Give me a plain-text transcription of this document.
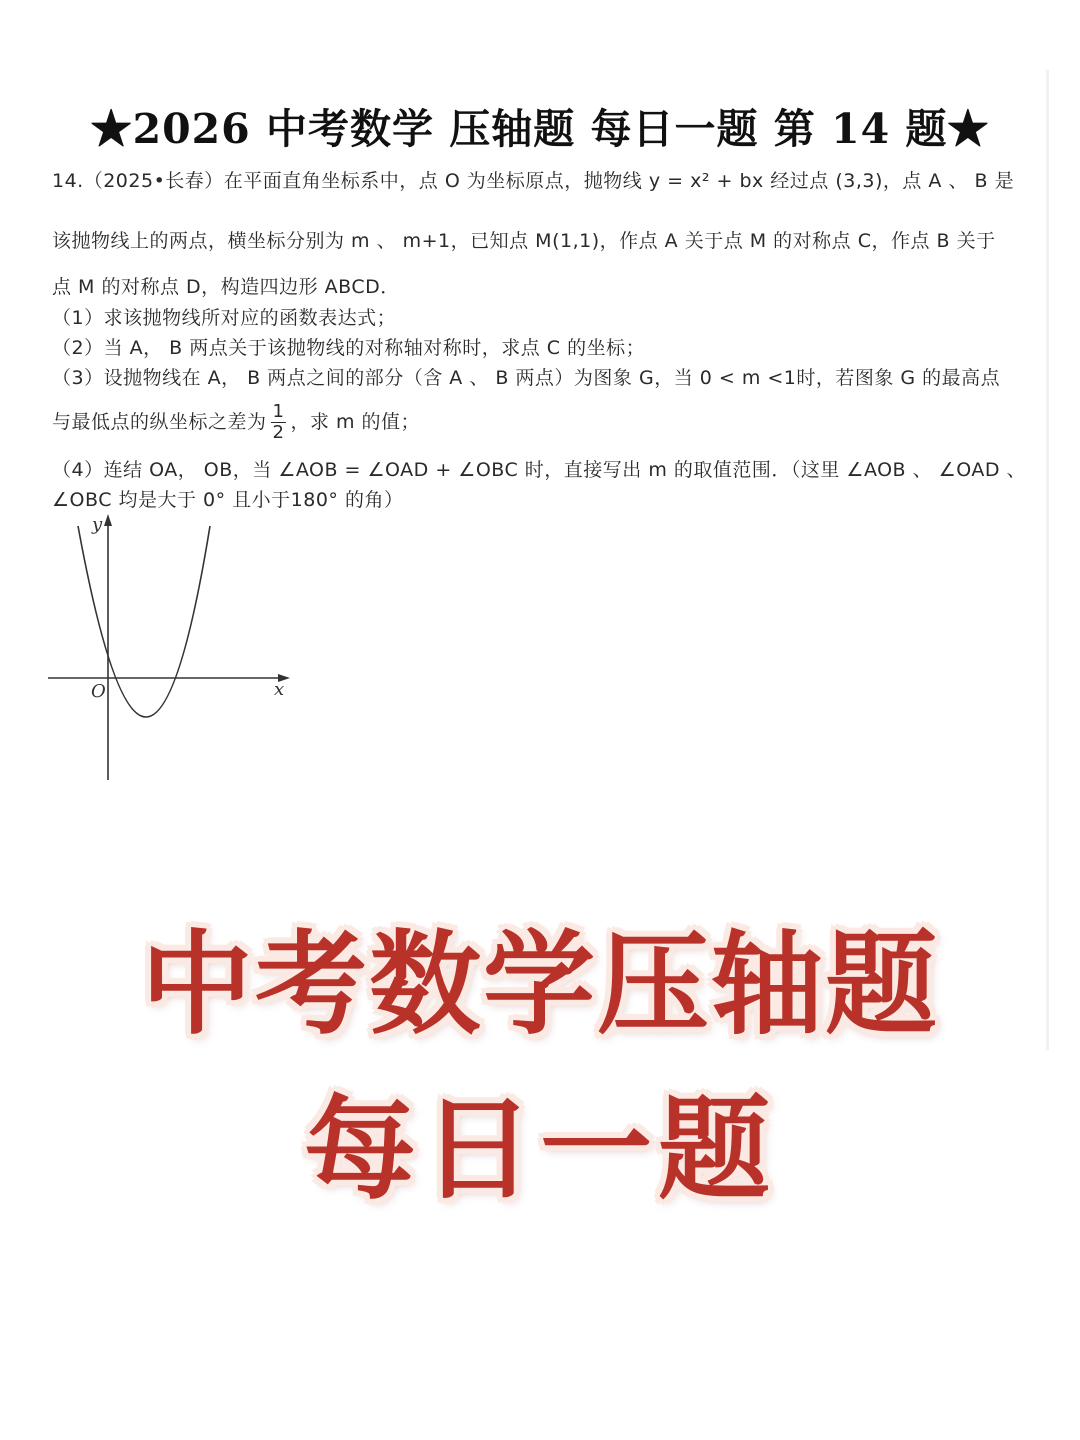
★2026 中考数学 压轴题 每日一题 第 14 题★
14.（2025•长春）在平面直角坐标系中，点 O 为坐标原点，抛物线 y = x² + bx 经过点 (3,3)，点 A 、 B 是
该抛物线上的两点，横坐标分别为 m 、 m+1，已知点 M(1,1)，作点 A 关于点 M 的对称点 C，作点 B 关于
点 M 的对称点 D，构造四边形 ABCD．
（1）求该抛物线所对应的函数表达式；
（2）当 A， B 两点关于该抛物线的对称轴对称时，求点 C 的坐标；
（3）设抛物线在 A， B 两点之间的部分（含 A 、 B 两点）为图象 G，当 0 < m <1时，若图象 G 的最高点
与最低点的纵坐标之差为 $\frac{1}{2}$ ，求 m 的值；
（4）连结 OA， OB，当 ∠AOB = ∠OAD + ∠OBC 时，直接写出 m 的取值范围．（这里 ∠AOB 、 ∠OAD 、
∠OBC 均是大于 0° 且小于180° 的角）
y
x
O
中考数学压轴题
每日一题
